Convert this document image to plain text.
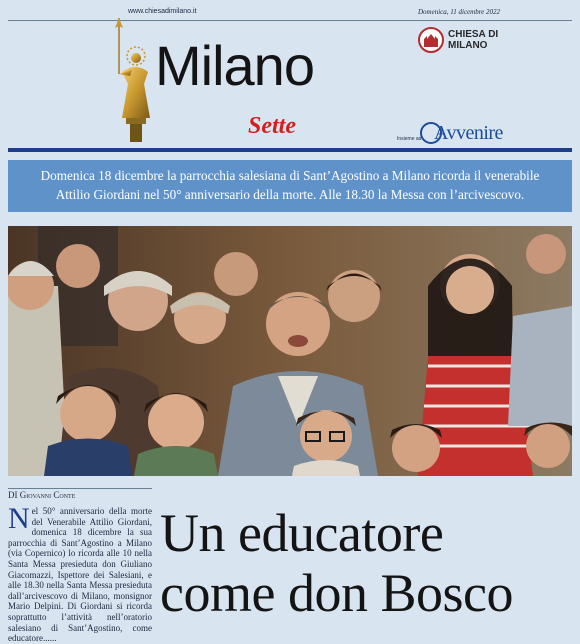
www.chiesadimilano.it	Domenica, 11 dicembre 2022
Milano
Sette
CHIESA DI
MILANO
Insieme ad Avvenire
Domenica 18 dicembre la parrocchia salesiana di Sant’Agostino a Milano ricorda il venerabile Attilio Giordani nel 50° anniversario della morte. Alle 18.30 la Messa con l’arcivescovo.
DI Giovanni Conte
Nel 50° anniversario della morte del Venerabile Attilio Giordani, domenica 18 dicembre la sua parrocchia di Sant’Agostino a Milano (via Copernico) lo ricorda alle 10 nella Santa Messa presieduta don Giuliano Giacomazzi, Ispettore dei Salesiani, e alle 18.30 nella Santa Messa presieduta dall’arcivescovo di Milano, monsignor Mario Delpini. Di Giordani si ricorda soprattutto l’attività nell’oratorio salesiano di Sant’Agostino, come educatore......
Un educatore
come don Bosco
